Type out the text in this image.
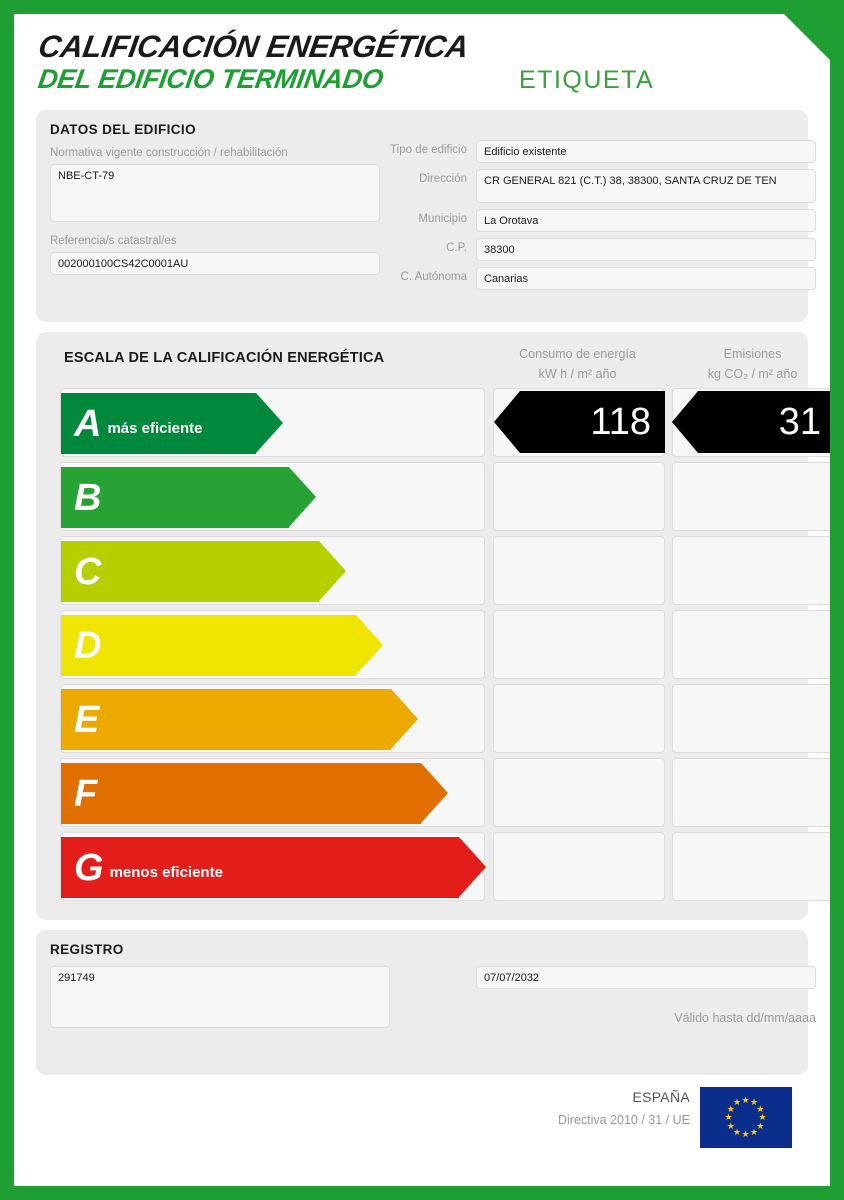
CALIFICACIÓN ENERGÉTICA
DEL EDIFICIO TERMINADO	ETIQUETA
DATOS DEL EDIFICIO
Normativa vigente construcción / rehabilitación
NBE-CT-79
Referencia/s catastral/es
002000100CS42C0001AU
Tipo de edificio	Edificio existente
Dirección	CR GENERAL 821 (C.T.) 38, 38300, SANTA CRUZ DE TEN
Municipio	La Orotava
C.P.	38300
C. Autónoma	Canarias
ESCALA DE LA CALIFICACIÓN ENERGÉTICA	Consumo de energía
kW h / m² año
Emisiones
kg CO₂ / m² año
A más eficiente	118	31
B
C
D
E
F
G menos eficiente
REGISTRO
291749	07/07/2032
Válido hasta dd/mm/aaaa
ESPAÑA
Directiva 2010 / 31 / UE
★ ★
★
★
★
★
★
★
★
★
★
★
